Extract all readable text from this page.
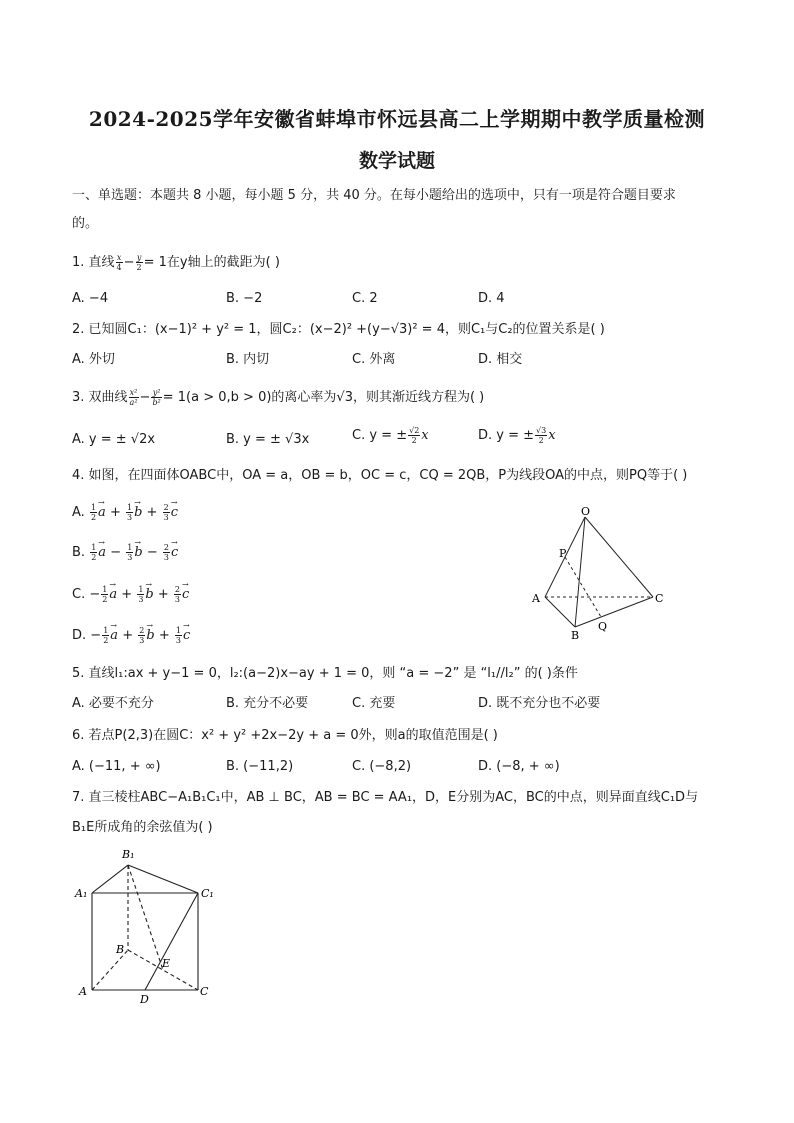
2024-2025学年安徽省蚌埠市怀远县高二上学期期中教学质量检测
数学试题
一、单选题：本题共 8 小题，每小题 5 分，共 40 分。在每小题给出的选项中，只有一项是符合题目要求
的。
1. 直线 $\frac{x}{4} - \frac{y}{2} = 1$在y轴上的截距为( )
A. −4	B. −2	C. 2	D. 4
2. 已知圆C₁：(x−1)² + y² = 1，圆C₂：(x−2)² +(y−√3)² = 4，则C₁与C₂的位置关系是( )
A. 外切	B. 内切	C. 外离	D. 相交
3. 双曲线 $\frac{\text{x²}}{\text{a²}} - \frac{\text{y²}}{\text{b²}} = 1(a > 0,b > 0)$的离心率为√3，则其渐近线方程为( )
A. y = ± √2x	B. y = ± √3x	C. y = ± $\frac{√2}{2}$ x	D. y = ± $\frac{√3}{2}$ x
4. 如图，在四面体OABC中，OA = a，OB = b，OC = c，CQ = 2QB，P为线段OA的中点，则PQ等于( )
A. $\frac{1}{2} \to a + \frac{1}{3} \to b + \frac{2}{3} \to c$
B. $\frac{1}{2} \to a - \frac{1}{3} \to b - \frac{2}{3} \to c$
C. − $\frac{1}{2} \to a + \frac{1}{3} \to b + \frac{2}{3} \to c$
D. − $\frac{1}{2} \to a + \frac{2}{3} \to b + \frac{1}{3} \to c$
O
P
A
B
C
Q
5. 直线l₁:ax + y−1 = 0，l₂:(a−2)x−ay + 1 = 0，则 “a = −2” 是 “l₁//l₂” 的( )条件
A. 必要不充分	B. 充分不必要	C. 充要	D. 既不充分也不必要
6. 若点P(2,3)在圆C：x² + y² +2x−2y + a = 0外，则a的取值范围是( )
A. (−11, + ∞)	B. (−11,2)	C. (−8,2)	D. (−8, + ∞)
7. 直三棱柱ABC−A₁B₁C₁中，AB ⊥ BC，AB = BC = AA₁，D，E分别为AC，BC的中点，则异面直线C₁D与
B₁E所成角的余弦值为( )
B₁
A₁	C₁
B
E
A
D
C
